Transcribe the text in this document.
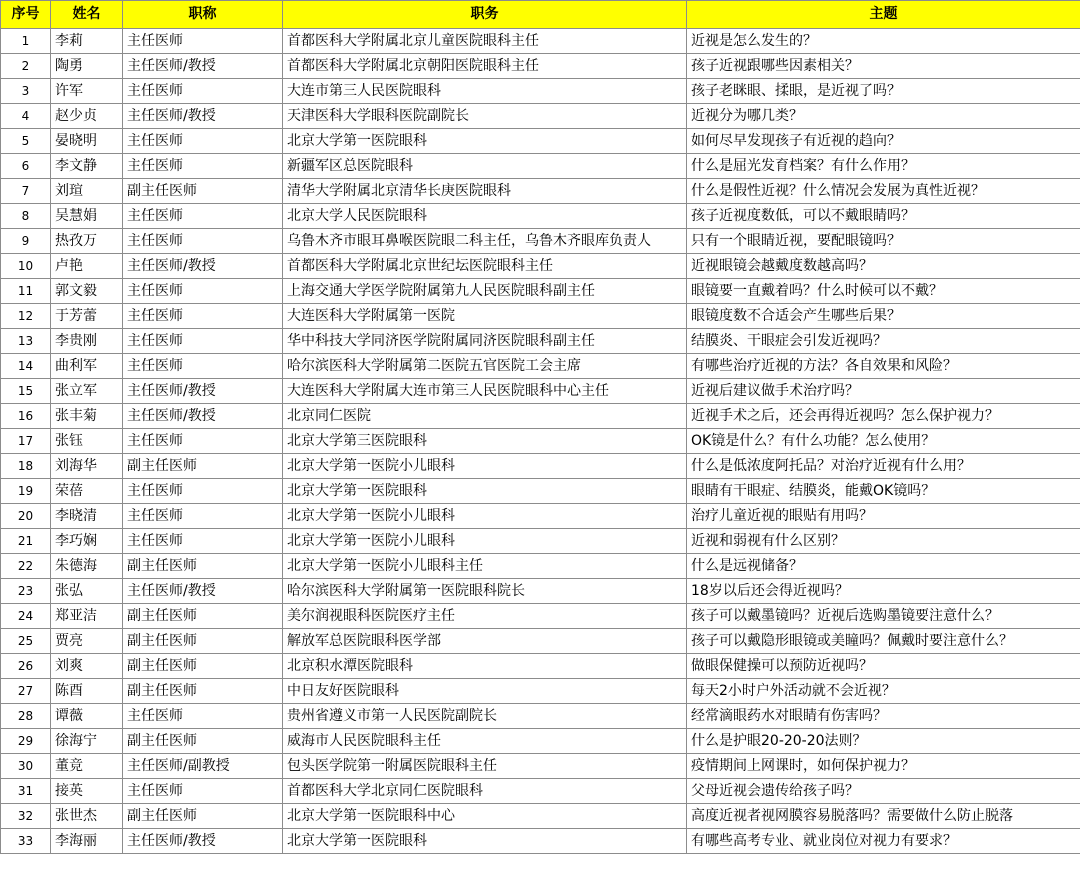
序号	姓名	职称	职务	主题
1	李莉	主任医师	首都医科大学附属北京儿童医院眼科主任	近视是怎么发生的？
2	陶勇	主任医师/教授	首都医科大学附属北京朝阳医院眼科主任	孩子近视跟哪些因素相关？
3	许军	主任医师	大连市第三人民医院眼科	孩子老眯眼、揉眼，是近视了吗？
4	赵少贞	主任医师/教授	天津医科大学眼科医院副院长	近视分为哪几类？
5	晏晓明	主任医师	北京大学第一医院眼科	如何尽早发现孩子有近视的趋向？
6	李文静	主任医师	新疆军区总医院眼科	什么是屈光发育档案？有什么作用？
7	刘瑄	副主任医师	清华大学附属北京清华长庚医院眼科	什么是假性近视？什么情况会发展为真性近视？
8	吴慧娟	主任医师	北京大学人民医院眼科	孩子近视度数低，可以不戴眼睛吗？
9	热孜万	主任医师	乌鲁木齐市眼耳鼻喉医院眼二科主任，乌鲁木齐眼库负责人	只有一个眼睛近视，要配眼镜吗？
10	卢艳	主任医师/教授	首都医科大学附属北京世纪坛医院眼科主任	近视眼镜会越戴度数越高吗？
11	郭文毅	主任医师	上海交通大学医学院附属第九人民医院眼科副主任	眼镜要一直戴着吗？什么时候可以不戴？
12	于芳蕾	主任医师	大连医科大学附属第一医院	眼镜度数不合适会产生哪些后果？
13	李贵刚	主任医师	华中科技大学同济医学院附属同济医院眼科副主任	结膜炎、干眼症会引发近视吗？
14	曲利军	主任医师	哈尔滨医科大学附属第二医院五官医院工会主席	有哪些治疗近视的方法？各自效果和风险？
15	张立军	主任医师/教授	大连医科大学附属大连市第三人民医院眼科中心主任	近视后建议做手术治疗吗？
16	张丰菊	主任医师/教授	北京同仁医院	近视手术之后，还会再得近视吗？怎么保护视力？
17	张钰	主任医师	北京大学第三医院眼科	OK镜是什么？有什么功能？怎么使用？
18	刘海华	副主任医师	北京大学第一医院小儿眼科	什么是低浓度阿托品？对治疗近视有什么用？
19	荣蓓	主任医师	北京大学第一医院眼科	眼睛有干眼症、结膜炎，能戴OK镜吗？
20	李晓清	主任医师	北京大学第一医院小儿眼科	治疗儿童近视的眼贴有用吗？
21	李巧娴	主任医师	北京大学第一医院小儿眼科	近视和弱视有什么区别？
22	朱德海	副主任医师	北京大学第一医院小儿眼科主任	什么是远视储备？
23	张弘	主任医师/教授	哈尔滨医科大学附属第一医院眼科院长	18岁以后还会得近视吗？
24	郑亚洁	副主任医师	美尔润视眼科医院医疗主任	孩子可以戴墨镜吗？近视后选购墨镜要注意什么？
25	贾亮	副主任医师	解放军总医院眼科医学部	孩子可以戴隐形眼镜或美瞳吗？佩戴时要注意什么？
26	刘爽	副主任医师	北京积水潭医院眼科	做眼保健操可以预防近视吗？
27	陈酉	副主任医师	中日友好医院眼科	每天2小时户外活动就不会近视？
28	谭薇	主任医师	贵州省遵义市第一人民医院副院长	经常滴眼药水对眼睛有伤害吗？
29	徐海宁	副主任医师	威海市人民医院眼科主任	什么是护眼20-20-20法则？
30	董竞	主任医师/副教授	包头医学院第一附属医院眼科主任	疫情期间上网课时，如何保护视力？
31	接英	主任医师	首都医科大学北京同仁医院眼科	父母近视会遗传给孩子吗？
32	张世杰	副主任医师	北京大学第一医院眼科中心	高度近视者视网膜容易脱落吗？需要做什么防止脱落
33	李海丽	主任医师/教授	北京大学第一医院眼科	有哪些高考专业、就业岗位对视力有要求？
